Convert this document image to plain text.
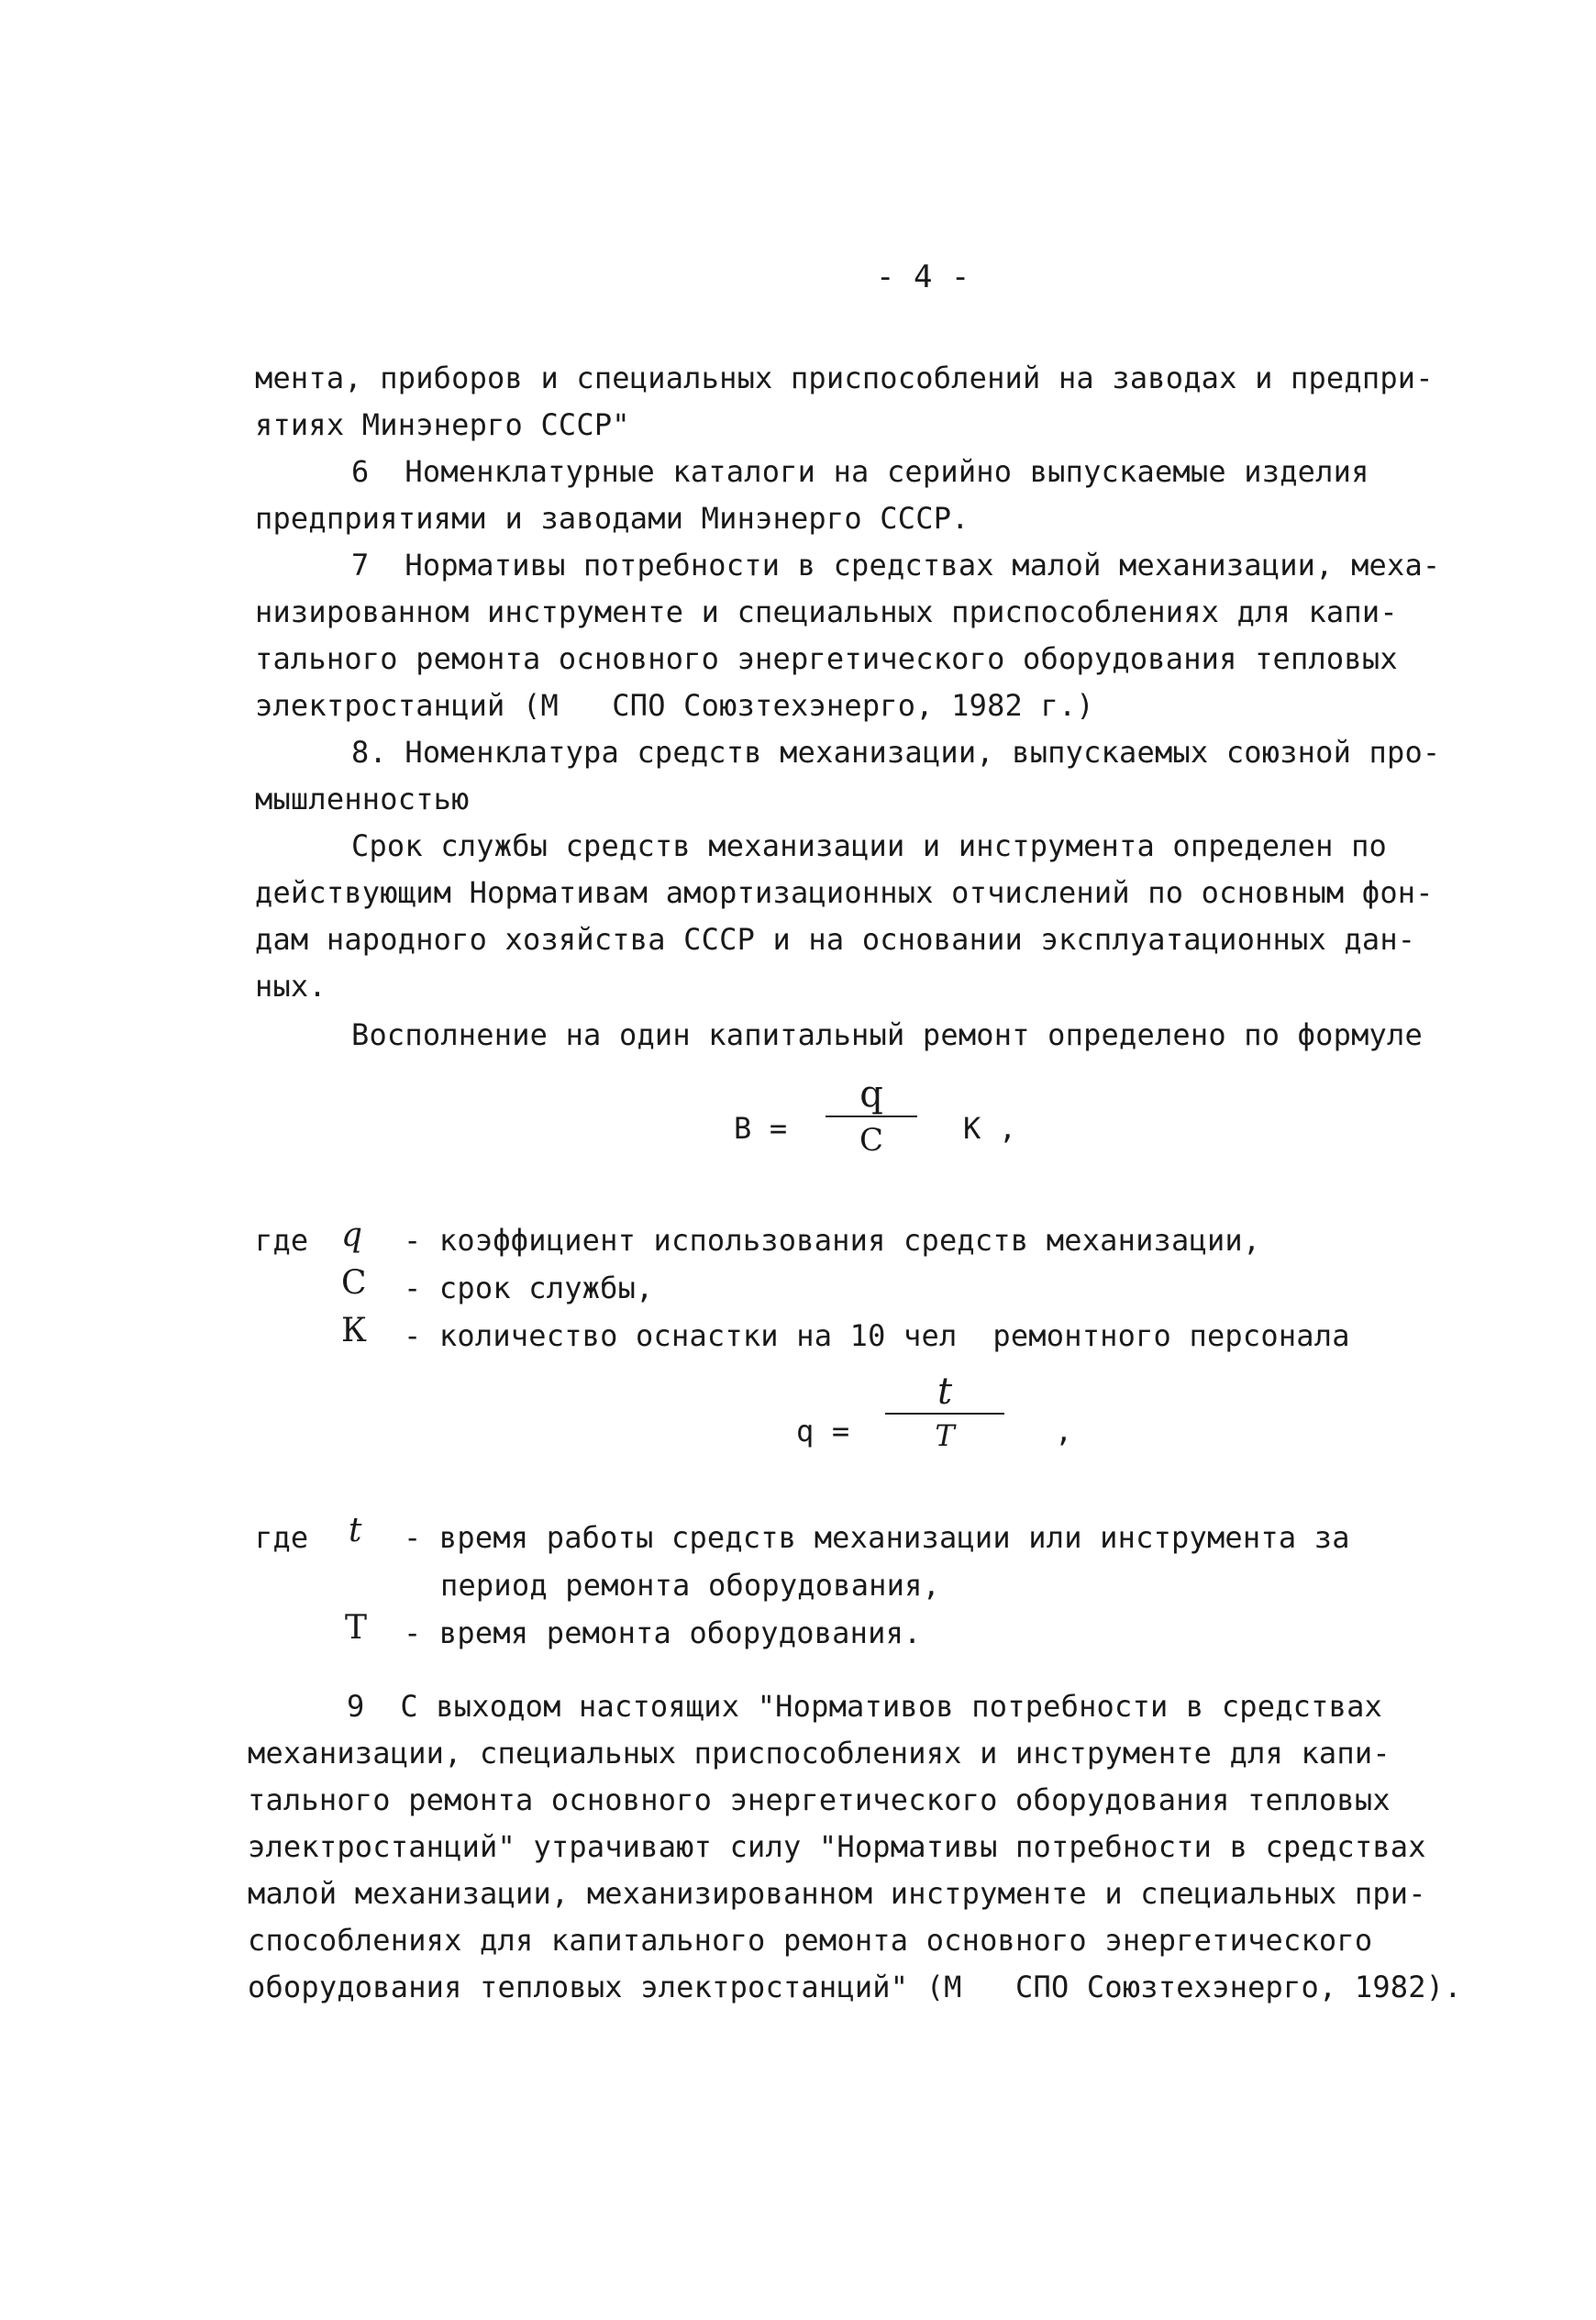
- 4 -
мента, приборов и специальных приспособлений на заводах и предпри-
ятиях Минэнерго СССР"
6  Номенклатурные каталоги на серийно выпускаемые изделия
предприятиями и заводами Минэнерго СССР.
7  Нормативы потребности в средствах малой механизации, меха-
низированном инструменте и специальных приспособлениях для капи-
тального ремонта основного энергетического оборудования тепловых
электростанций (М   СПО Союзтехэнерго, 1982 г.)
8. Номенклатура средств механизации, выпускаемых союзной про-
мышленностью
Срок службы средств механизации и инструмента определен по
действующим Нормативам амортизационных отчислений по основным фон-
дам народного хозяйства СССР и на основании эксплуатационных дан-
ных.
Восполнение на один капитальный ремонт определено по формуле
В =
q
С	К ,
где q - коэффициент использования средств механизации,
С - срок службы,
К - количество оснастки на 10 чел  ремонтного персонала
q =
t
T	,
где t - время работы средств механизации или инструмента за
период ремонта оборудования,
Т - время ремонта оборудования.
9  С выходом настоящих "Нормативов потребности в средствах
механизации, специальных приспособлениях и инструменте для капи-
тального ремонта основного энергетического оборудования тепловых
электростанций" утрачивают силу "Нормативы потребности в средствах
малой механизации, механизированном инструменте и специальных при-
способлениях для капитального ремонта основного энергетического
оборудования тепловых электростанций" (М   СПО Союзтехэнерго, 1982).
